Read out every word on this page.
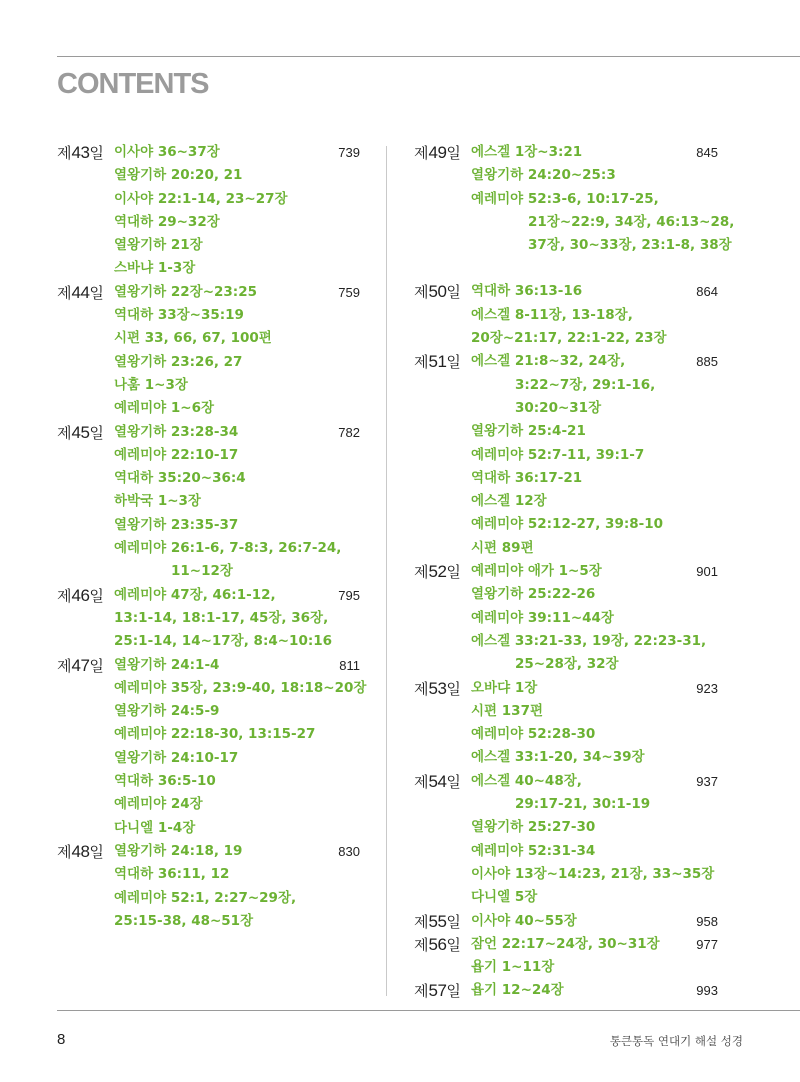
CONTENTS
제43일	739
이사야 36~37장
열왕기하 20:20, 21
이사야 22:1-14, 23~27장
역대하 29~32장
열왕기하 21장
스바냐 1-3장
제44일	759
열왕기하 22장~23:25
역대하 33장~35:19
시편 33, 66, 67, 100편
열왕기하 23:26, 27
나훔 1~3장
예레미야 1~6장
제45일	782
열왕기하 23:28-34
예레미야 22:10-17
역대하 35:20~36:4
하박국 1~3장
열왕기하 23:35-37
예레미야 26:1-6, 7-8:3, 26:7-24,
11~12장
제46일	795
예레미야 47장, 46:1-12,
13:1-14, 18:1-17, 45장, 36장,
25:1-14, 14~17장, 8:4~10:16
제47일	811
열왕기하 24:1-4
예레미야 35장, 23:9-40, 18:18~20장
열왕기하 24:5-9
예레미야 22:18-30, 13:15-27
열왕기하 24:10-17
역대하 36:5-10
예레미야 24장
다니엘 1-4장
제48일	830
열왕기하 24:18, 19
역대하 36:11, 12
예레미야 52:1, 2:27~29장,
25:15-38, 48~51장
제49일	845
에스겔 1장~3:21
열왕기하 24:20~25:3
예레미야 52:3-6, 10:17-25,
21장~22:9, 34장, 46:13~28,
37장, 30~33장, 23:1-8, 38장
제50일	864
역대하 36:13-16
에스겔 8-11장, 13-18장,
20장~21:17, 22:1-22, 23장
제51일	885
에스겔 21:8~32, 24장,
3:22~7장, 29:1-16,
30:20~31장
열왕기하 25:4-21
예레미야 52:7-11, 39:1-7
역대하 36:17-21
에스겔 12장
예레미야 52:12-27, 39:8-10
시편 89편
제52일	901
예레미야 애가 1~5장
열왕기하 25:22-26
예레미야 39:11~44장
에스겔 33:21-33, 19장, 22:23-31,
25~28장, 32장
제53일	923
오바댜 1장
시편 137편
예레미야 52:28-30
에스겔 33:1-20, 34~39장
제54일	937
에스겔 40~48장,
29:17-21, 30:1-19
열왕기하 25:27-30
예레미야 52:31-34
이사야 13장~14:23, 21장, 33~35장
다니엘 5장
제55일	958
이사야 40~55장
제56일	977
잠언 22:17~24장, 30~31장
욥기 1~11장
제57일	993
욥기 12~24장
8	통큰통독 연대기 해설 성경
